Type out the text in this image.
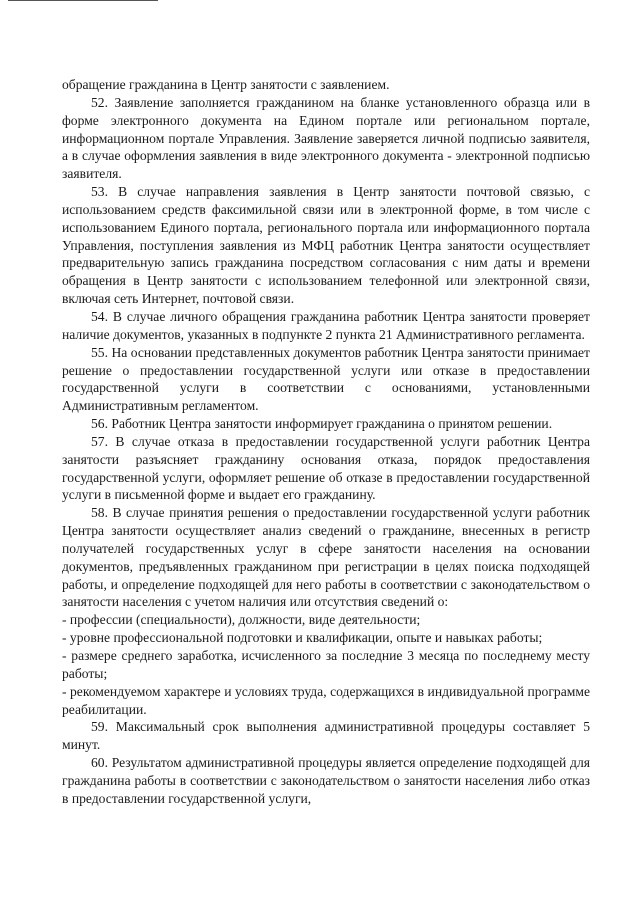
обращение гражданина в Центр занятости с заявлением.

52. Заявление заполняется гражданином на бланке установленного образца или в форме электронного документа на Едином портале или региональном портале, информационном портале Управления. Заявление заверяется личной подписью заявителя, а в случае оформления заявления в виде электронного документа - электронной подписью заявителя.

53. В случае направления заявления в Центр занятости почтовой связью, с использованием средств факсимильной связи или в электронной форме, в том числе с использованием Единого портала, регионального портала или информационного портала Управления, поступления заявления из МФЦ работник Центра занятости осуществляет предварительную запись гражданина посредством согласования с ним даты и времени обращения в Центр занятости с использованием телефонной или электронной связи, включая сеть Интернет, почтовой связи.

54. В случае личного обращения гражданина работник Центра занятости проверяет наличие документов, указанных в подпункте 2 пункта 21 Административного регламента.

55. На основании представленных документов работник Центра занятости принимает решение о предоставлении государственной услуги или отказе в предоставлении государственной услуги в соответствии с основаниями, установленными Административным регламентом.

56. Работник Центра занятости информирует гражданина о принятом решении.

57. В случае отказа в предоставлении государственной услуги работник Центра занятости разъясняет гражданину основания отказа, порядок предоставления государственной услуги, оформляет решение об отказе в предоставлении государственной услуги в письменной форме и выдает его гражданину.

58. В случае принятия решения о предоставлении государственной услуги работник Центра занятости осуществляет анализ сведений о гражданине, внесенных в регистр получателей государственных услуг в сфере занятости населения на основании документов, предъявленных гражданином при регистрации в целях поиска подходящей работы, и определение подходящей для него работы в соответствии с законодательством о занятости населения с учетом наличия или отсутствия сведений о:

- профессии (специальности), должности, виде деятельности;

- уровне профессиональной подготовки и квалификации, опыте и навыках работы;

- размере среднего заработка, исчисленного за последние 3 месяца по последнему месту работы;

- рекомендуемом характере и условиях труда, содержащихся в индивидуальной программе реабилитации.

59. Максимальный срок выполнения административной процедуры составляет 5 минут.

60. Результатом административной процедуры является определение подходящей для гражданина работы в соответствии с законодательством о занятости населения либо отказ в предоставлении государственной услуги,
